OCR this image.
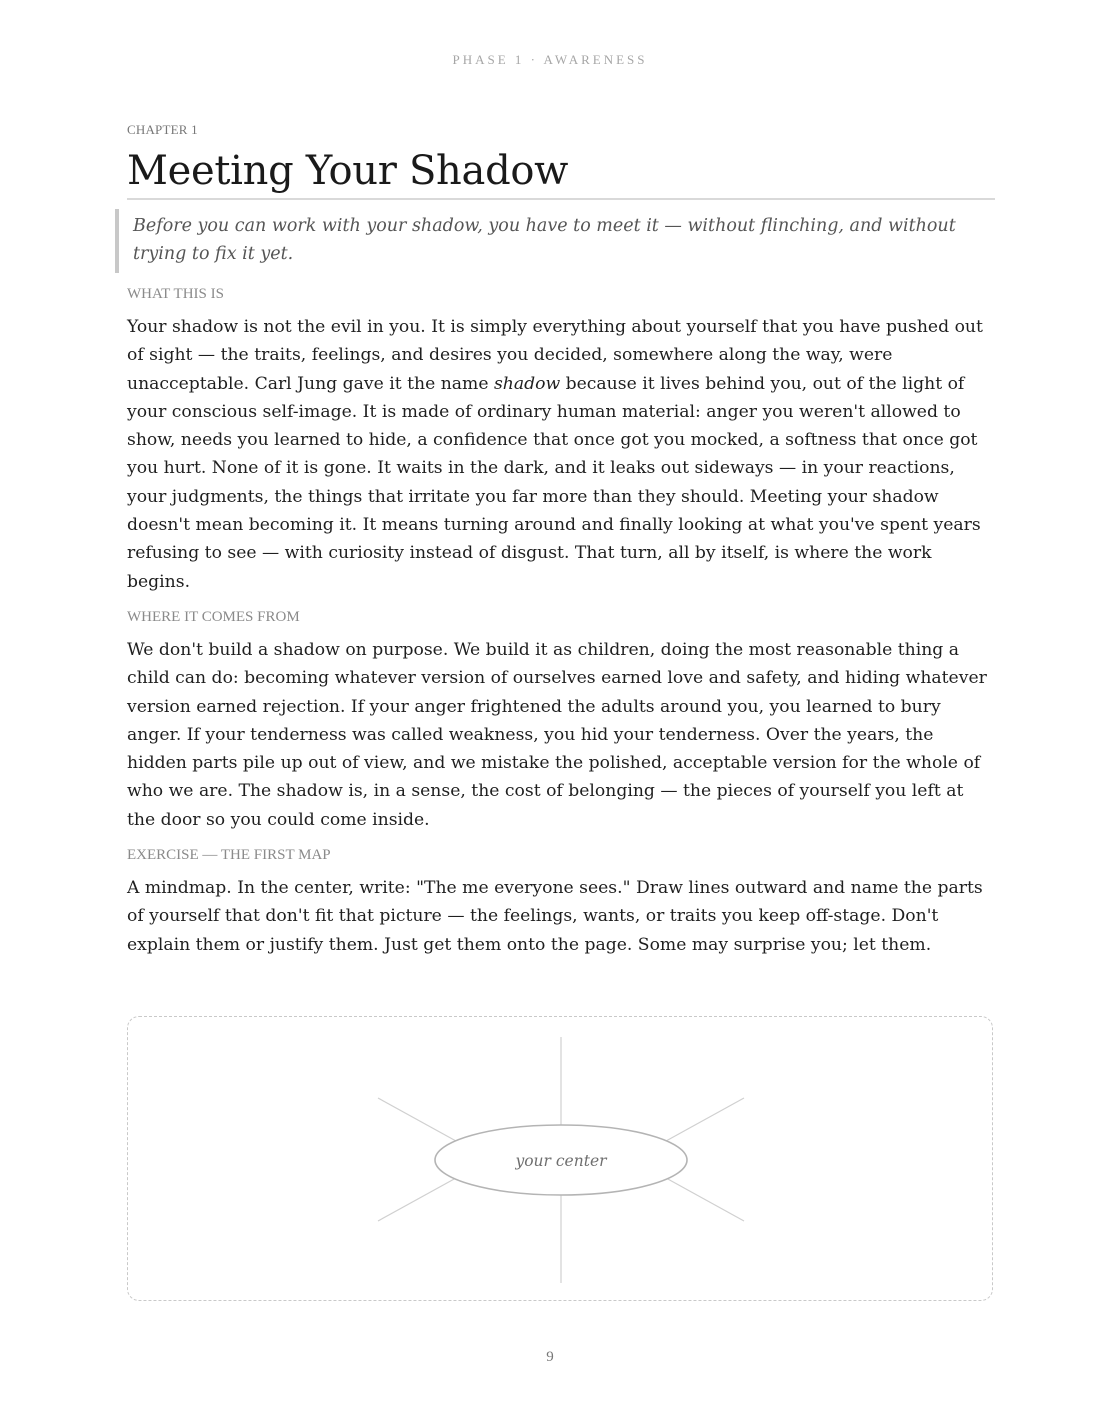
PHASE 1 · AWARENESS
CHAPTER 1
Meeting Your Shadow
Before you can work with your shadow, you have to meet it — without flinching, and without trying to fix it yet.
WHAT THIS IS

Your shadow is not the evil in you. It is simply everything about yourself that you have pushed out of sight — the traits, feelings, and desires you decided, somewhere along the way, were unacceptable. Carl Jung gave it the name shadow because it lives behind you, out of the light of your conscious self-image. It is made of ordinary human material: anger you weren't allowed to show, needs you learned to hide, a confidence that once got you mocked, a softness that once got you hurt. None of it is gone. It waits in the dark, and it leaks out sideways — in your reactions, your judgments, the things that irritate you far more than they should. Meeting your shadow doesn't mean becoming it. It means turning around and finally looking at what you've spent years refusing to see — with curiosity instead of disgust. That turn, all by itself, is where the work begins.

WHERE IT COMES FROM

We don't build a shadow on purpose. We build it as children, doing the most reasonable thing a child can do: becoming whatever version of ourselves earned love and safety, and hiding whatever version earned rejection. If your anger frightened the adults around you, you learned to bury anger. If your tenderness was called weakness, you hid your tenderness. Over the years, the hidden parts pile up out of view, and we mistake the polished, acceptable version for the whole of who we are. The shadow is, in a sense, the cost of belonging — the pieces of yourself you left at the door so you could come inside.

EXERCISE — THE FIRST MAP

A mindmap. In the center, write: "The me everyone sees." Draw lines outward and name the parts of yourself that don't fit that picture — the feelings, wants, or traits you keep off-stage. Don't explain them or justify them. Just get them onto the page. Some may surprise you; let them.

your center
9
